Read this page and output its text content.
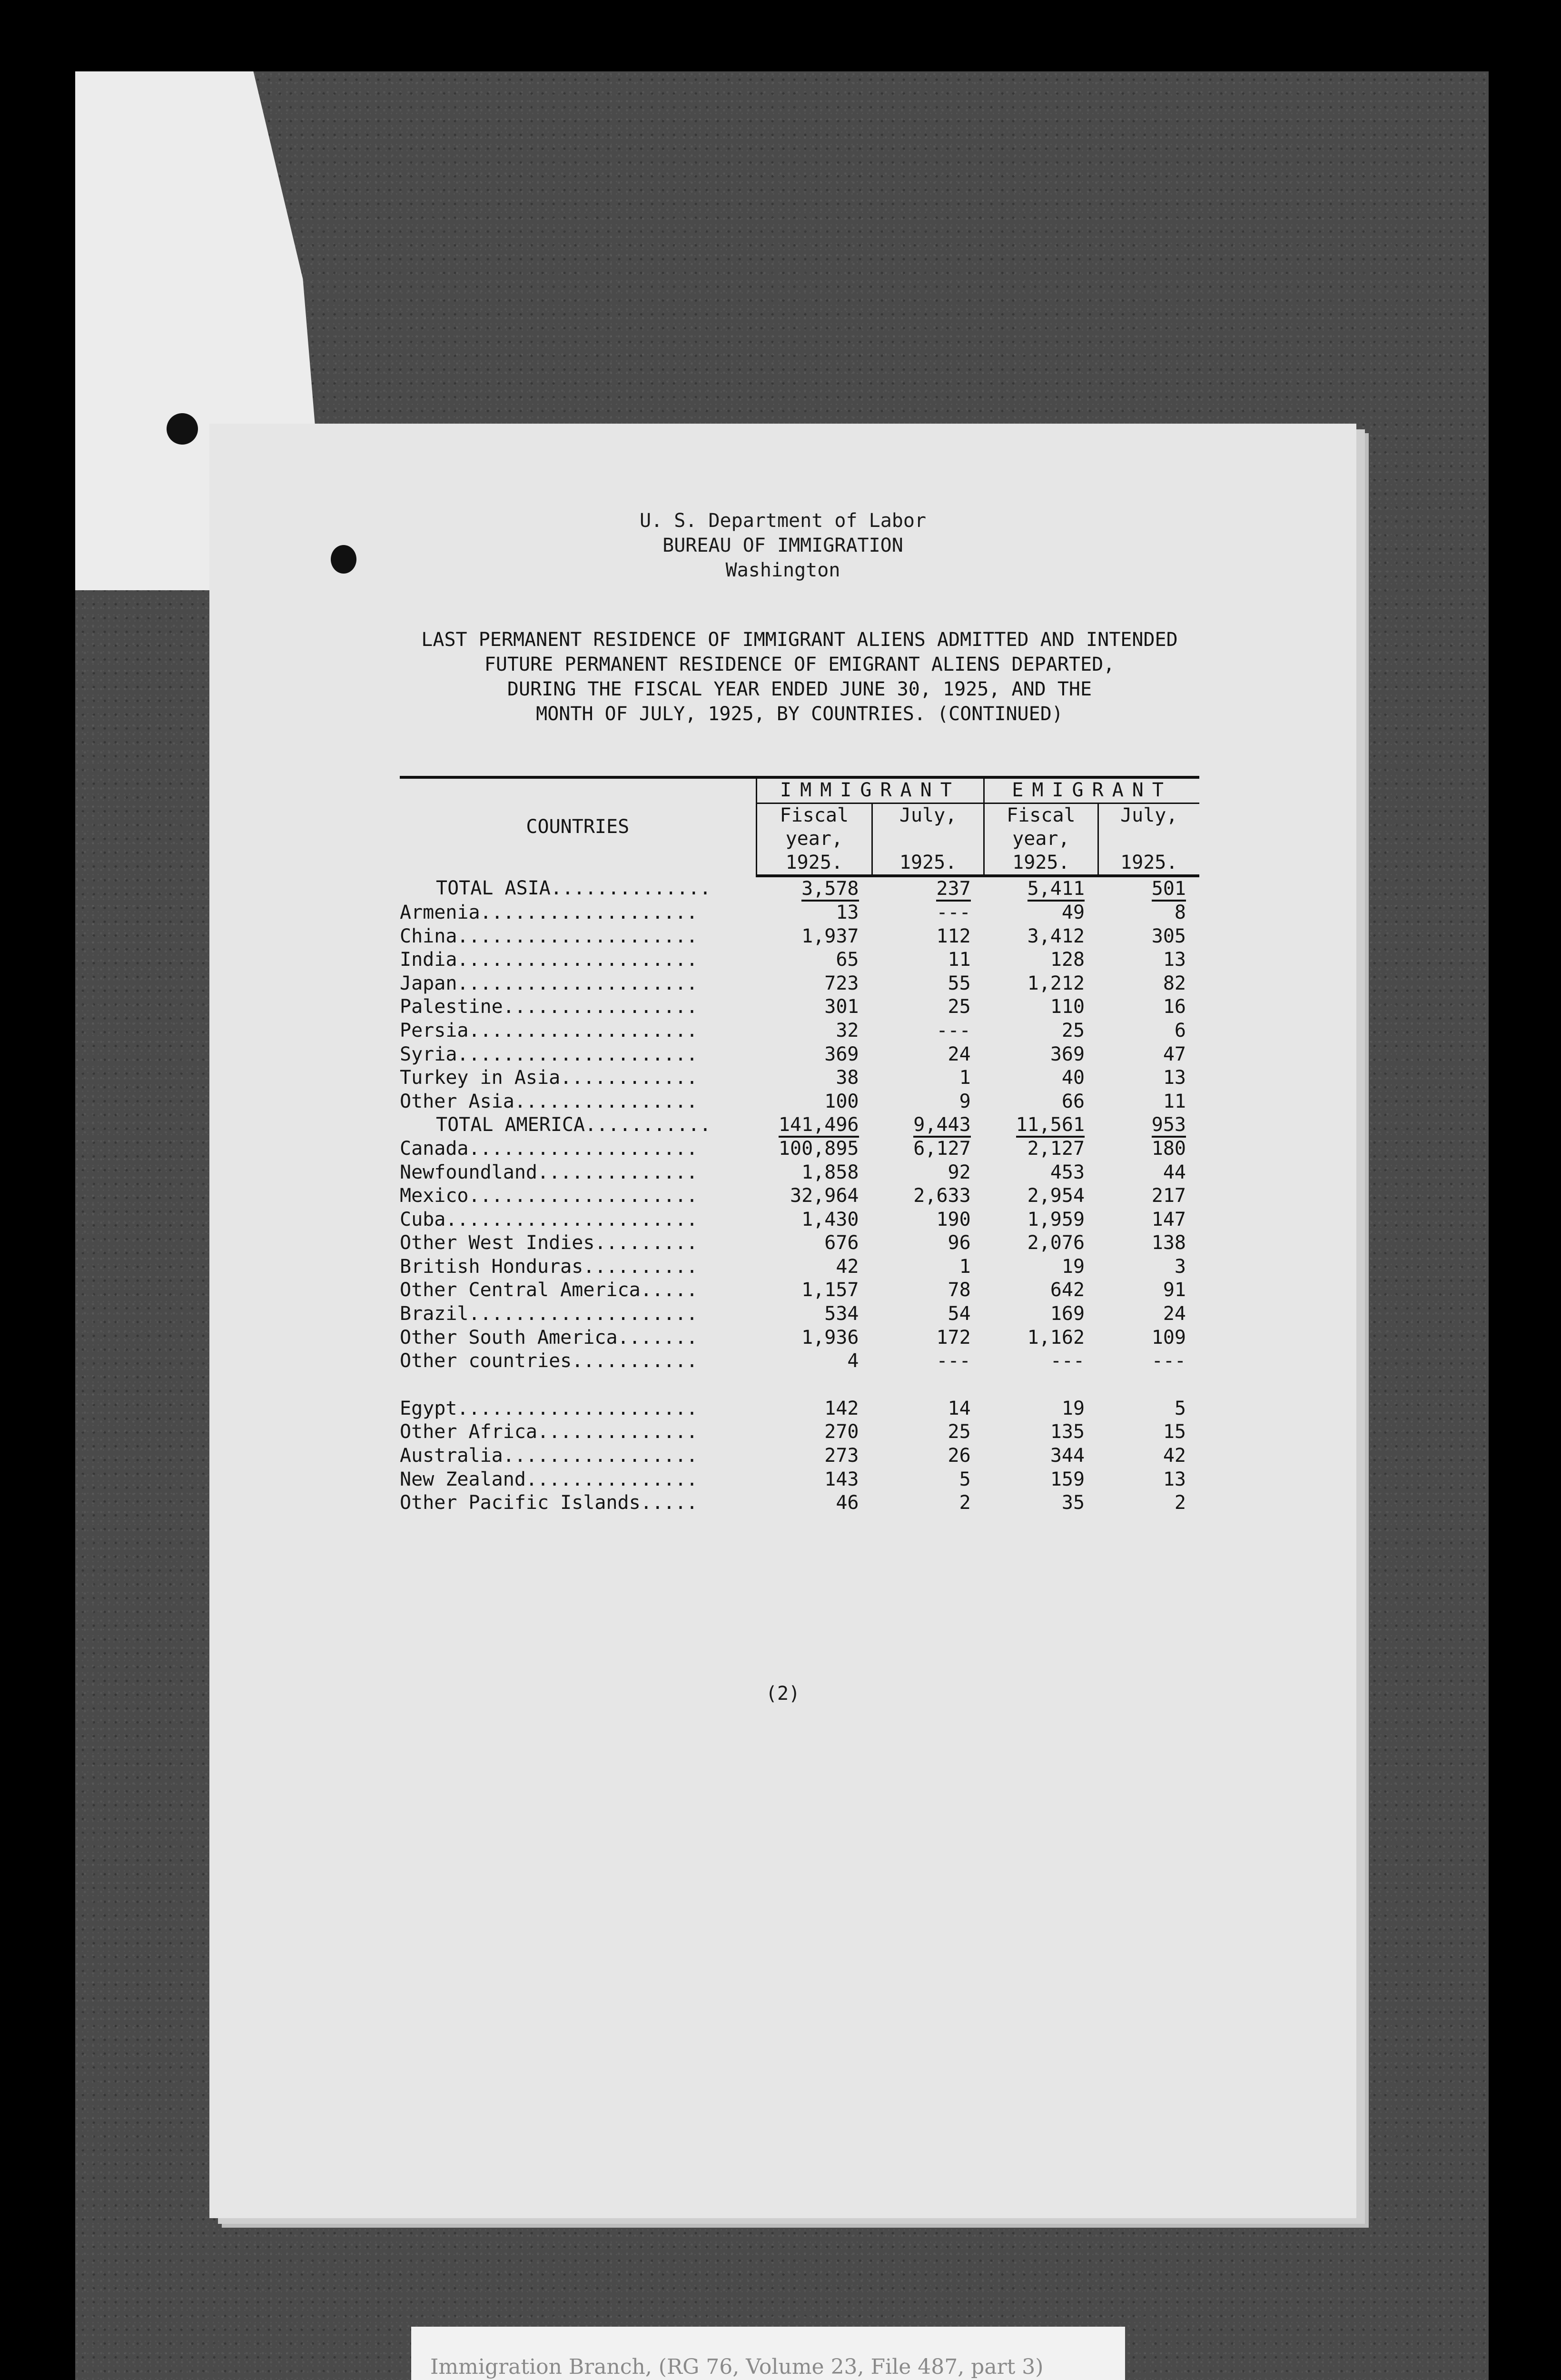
U. S. Department of Labor
BUREAU OF IMMIGRATION
Washington
LAST PERMANENT RESIDENCE OF IMMIGRANT ALIENS ADMITTED AND INTENDED
FUTURE PERMANENT RESIDENCE OF EMIGRANT ALIENS DEPARTED,
DURING THE FISCAL YEAR ENDED JUNE 30, 1925, AND THE
MONTH OF JULY, 1925, BY COUNTRIES. (CONTINUED)
COUNTRIES	IMMIGRANT		EMIGRANT	
	Fiscal	July,	Fiscal	July,
	year,		year,	
	1925.	1925.	1925.	1925.
TOTAL ASIA..............	3,578	237	5,411	501
Armenia...................	13	---	49	8
China.....................	1,937	112	3,412	305
India.....................	65	11	128	13
Japan.....................	723	55	1,212	82
Palestine.................	301	25	110	16
Persia....................	32	---	25	6
Syria.....................	369	24	369	47
Turkey in Asia............	38	1	40	13
Other Asia................	100	9	66	11
TOTAL AMERICA...........	141,496	9,443	11,561	953
Canada....................	100,895	6,127	2,127	180
Newfoundland..............	1,858	92	453	44
Mexico....................	32,964	2,633	2,954	217
Cuba......................	1,430	190	1,959	147
Other West Indies.........	676	96	2,076	138
British Honduras..........	42	1	19	3
Other Central America.....	1,157	78	642	91
Brazil....................	534	54	169	24
Other South America.......	1,936	172	1,162	109
Other countries...........	4	---	---	---

Egypt.....................	142	14	19	5
Other Africa..............	270	25	135	15
Australia.................	273	26	344	42
New Zealand...............	143	5	159	13
Other Pacific Islands.....	46	2	35	2
(2)
Immigration Branch, (RG 76, Volume 23, File 487, part 3)
